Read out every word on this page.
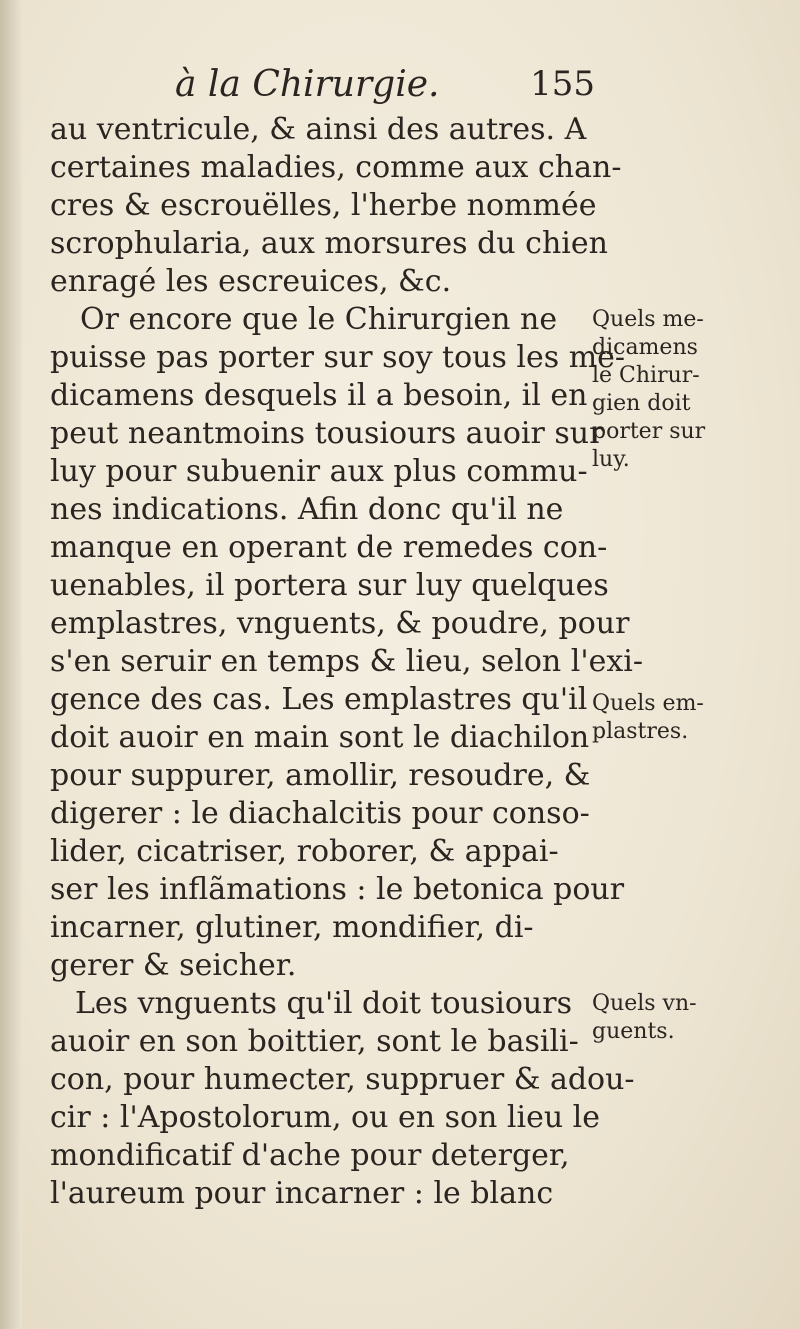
à la Chirurgie.	155
au ventricule, & ainsi des autres. A
certaines maladies, comme aux chan-
cres & escrouëlles, l'herbe nommée
scrophularia, aux morsures du chien
enragé les escreuices, &c.
Or encore que le Chirurgien ne
puisse pas porter sur soy tous les me-
dicamens desquels il a besoin, il en
peut neantmoins tousiours auoir sur
luy pour subuenir aux plus commu-
nes indications. Afin donc qu'il ne
manque en operant de remedes con-
uenables, il portera sur luy quelques
emplastres, vnguents, & poudre, pour
s'en seruir en temps & lieu, selon l'exi-
gence des cas. Les emplastres qu'il
doit auoir en main sont le diachilon
pour suppurer, amollir, resoudre, &
digerer : le diachalcitis pour conso-
lider, cicatriser, roborer, & appai-
ser les inflãmations : le betonica pour
incarner, glutiner, mondifier, di-
gerer & seicher.
Les vnguents qu'il doit tousiours
auoir en son boittier, sont le basili-
con, pour humecter, suppruer & adou-
cir : l'Apostolorum, ou en son lieu le
mondificatif d'ache pour deterger,
l'aureum pour incarner : le blanc
Quels me-
dicamens
le Chirur-
gien doit
porter sur
luy.
Quels em-
plastres.
Quels vn-
guents.
